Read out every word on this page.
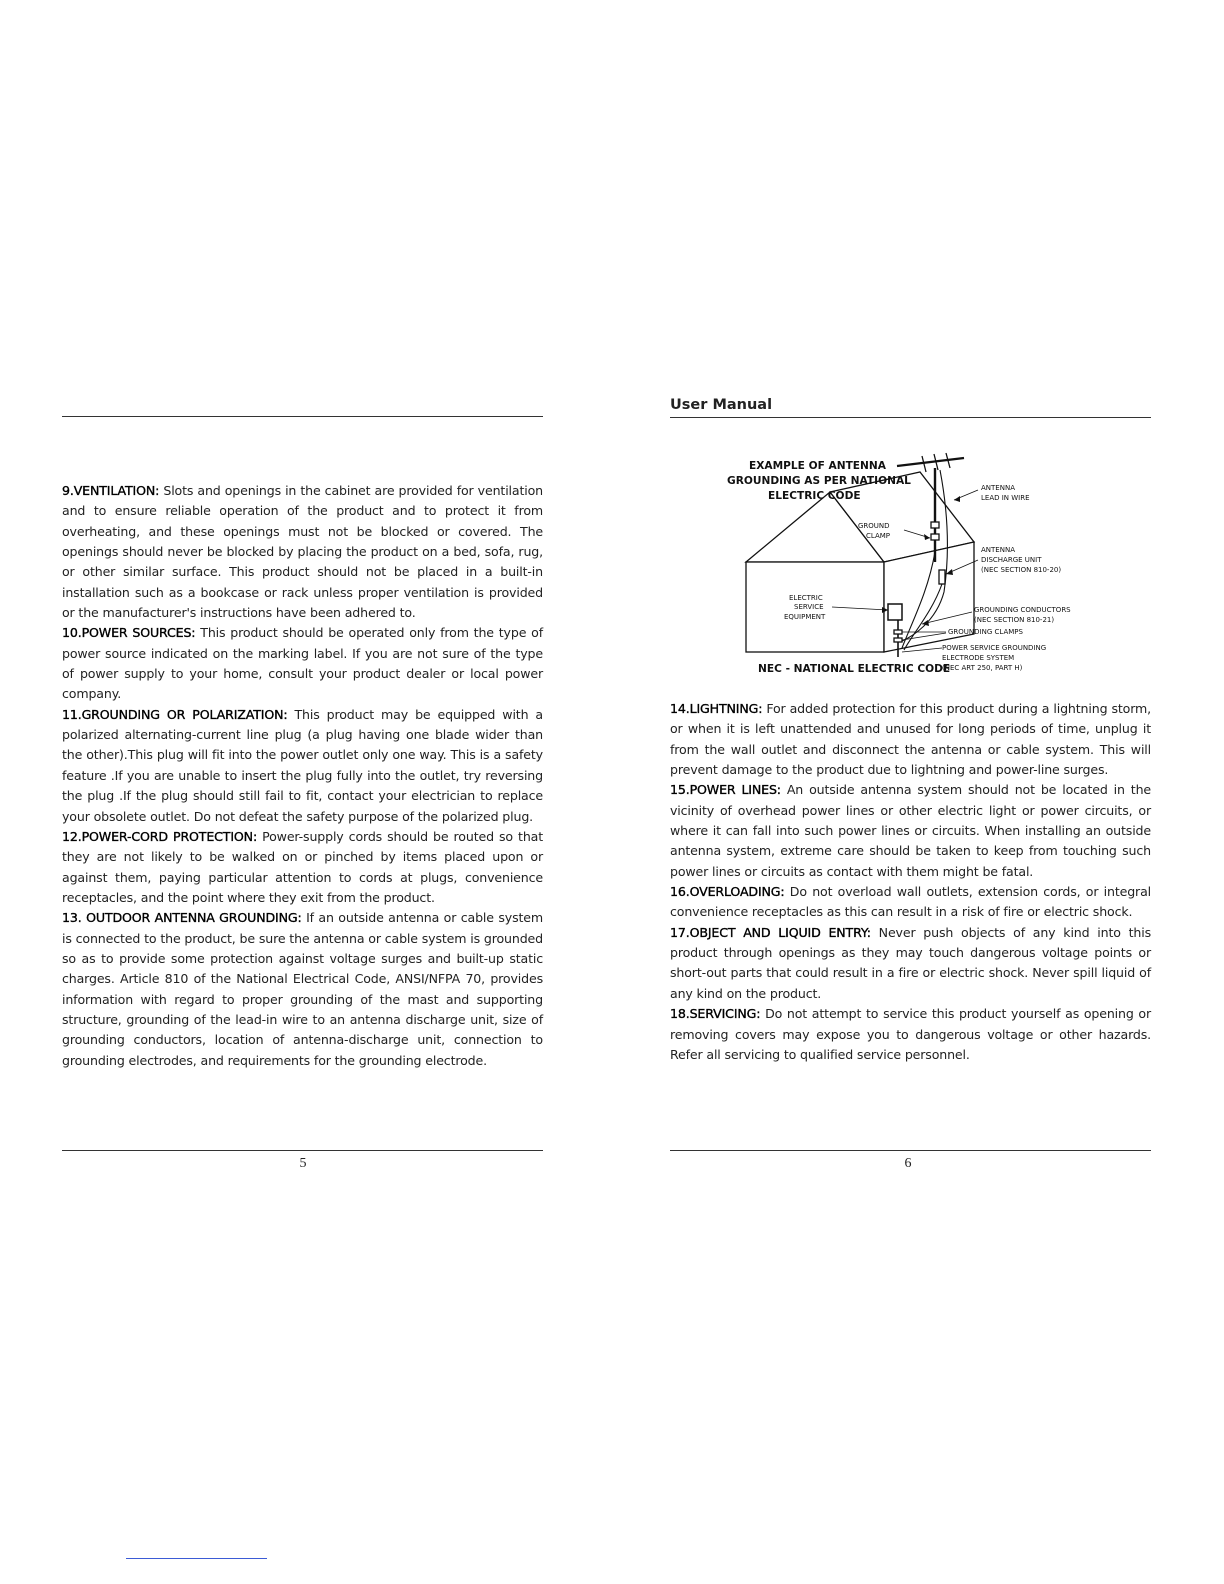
User Manual

9.VENTILATION: Slots and openings in the cabinet are provided for ventilation and to ensure reliable operation of the product and to protect it from overheating, and these openings must not be blocked or covered. The openings should never be blocked by placing the product on a bed, sofa, rug, or other similar surface. This product should not be placed in a built-in installation such as a bookcase or rack unless proper ventilation is provided or the manufacturer's instructions have been adhered to.

10.POWER SOURCES: This product should be operated only from the type of power source indicated on the marking label. If you are not sure of the type of power supply to your home, consult your product dealer or local power company.

11.GROUNDING OR POLARIZATION: This product may be equipped with a polarized alternating-current line plug (a plug having one blade wider than the other).This plug will fit into the power outlet only one way. This is a safety feature .If you are unable to insert the plug fully into the outlet, try reversing the plug .If the plug should still fail to fit, contact your electrician to replace your obsolete outlet. Do not defeat the safety purpose of the polarized plug.

12.POWER-CORD PROTECTION: Power-supply cords should be routed so that they are not likely to be walked on or pinched by items placed upon or against them, paying particular attention to cords at plugs, convenience receptacles, and the point where they exit from the product.

13. OUTDOOR ANTENNA GROUNDING: If an outside antenna or cable system is connected to the product, be sure the antenna or cable system is grounded so as to provide some protection against voltage surges and built-up static charges. Article 810 of the National Electrical Code, ANSI/NFPA 70, provides information with regard to proper grounding of the mast and supporting structure, grounding of the lead-in wire to an antenna discharge unit, size of grounding conductors, location of antenna-discharge unit, connection to grounding electrodes, and requirements for the grounding electrode.

EXAMPLE OF ANTENNA
GROUNDING AS PER NATIONAL
ELECTRIC CODE
ANTENNA
LEAD IN WIRE
GROUND
CLAMP
ANTENNA
DISCHARGE UNIT
(NEC SECTION 810-20)
ELECTRIC
SERVICE
EQUIPMENT
GROUNDING CONDUCTORS
(NEC SECTION 810-21)
GROUNDING CLAMPS
POWER SERVICE GROUNDING
ELECTRODE SYSTEM
(NEC ART 250, PART H)
NEC - NATIONAL ELECTRIC CODE

14.LIGHTNING: For added protection for this product during a lightning storm, or when it is left unattended and unused for long periods of time, unplug it from the wall outlet and disconnect the antenna or cable system. This will prevent damage to the product due to lightning and power-line surges.

15.POWER LINES: An outside antenna system should not be located in the vicinity of overhead power lines or other electric light or power circuits, or where it can fall into such power lines or circuits. When installing an outside antenna system, extreme care should be taken to keep from touching such power lines or circuits as contact with them might be fatal.

16.OVERLOADING: Do not overload wall outlets, extension cords, or integral convenience receptacles as this can result in a risk of fire or electric shock.

17.OBJECT AND LIQUID ENTRY: Never push objects of any kind into this product through openings as they may touch dangerous voltage points or short-out parts that could result in a fire or electric shock. Never spill liquid of any kind on the product.

18.SERVICING: Do not attempt to service this product yourself as opening or removing covers may expose you to dangerous voltage or other hazards. Refer all servicing to qualified service personnel.

5	6
